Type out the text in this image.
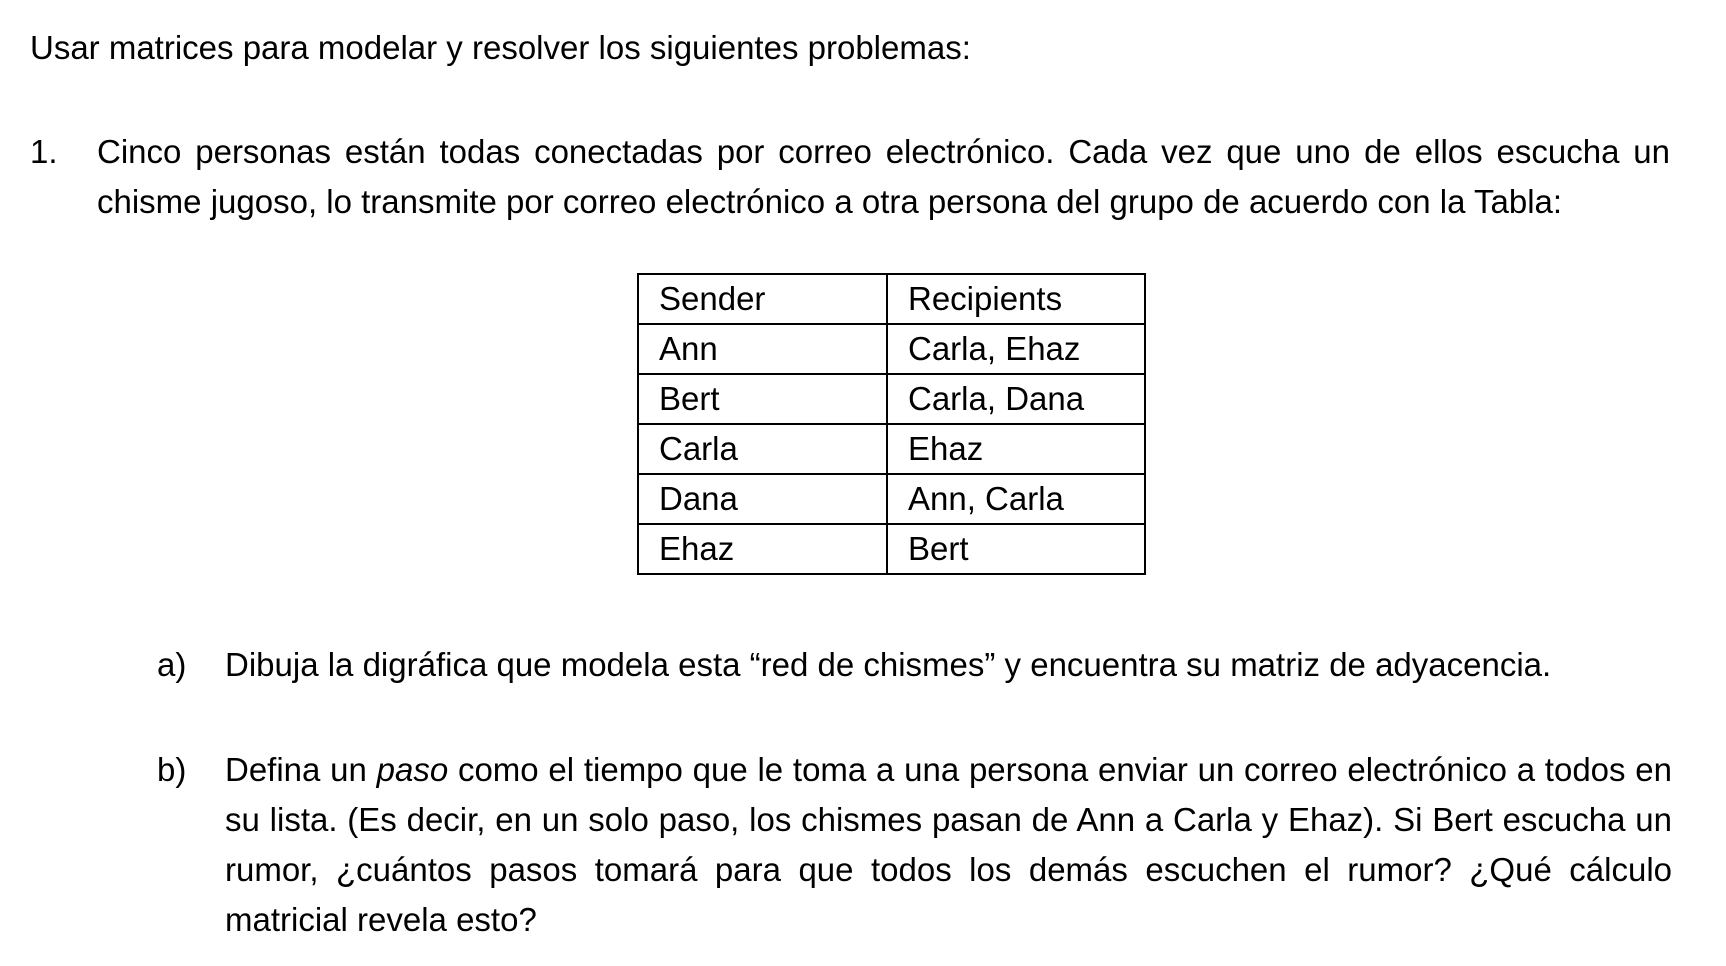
Usar matrices para modelar y resolver los siguientes problemas:
1. Cinco personas están todas conectadas por correo electrónico. Cada vez que uno de ellos escucha un chisme jugoso, lo transmite por correo electrónico a otra persona del grupo de acuerdo con la Tabla:
Sender	Recipients
Ann	Carla, Ehaz
Bert	Carla, Dana
Carla	Ehaz
Dana	Ann, Carla
Ehaz	Bert
a) Dibuja la digráfica que modela esta “red de chismes” y encuentra su matriz de adyacencia.
b) Defina un paso como el tiempo que le toma a una persona enviar un correo electrónico a todos en su lista. (Es decir, en un solo paso, los chismes pasan de Ann a Carla y Ehaz). Si Bert escucha un rumor, ¿cuántos pasos tomará para que todos los demás escuchen el rumor? ¿Qué cálculo matricial revela esto?
